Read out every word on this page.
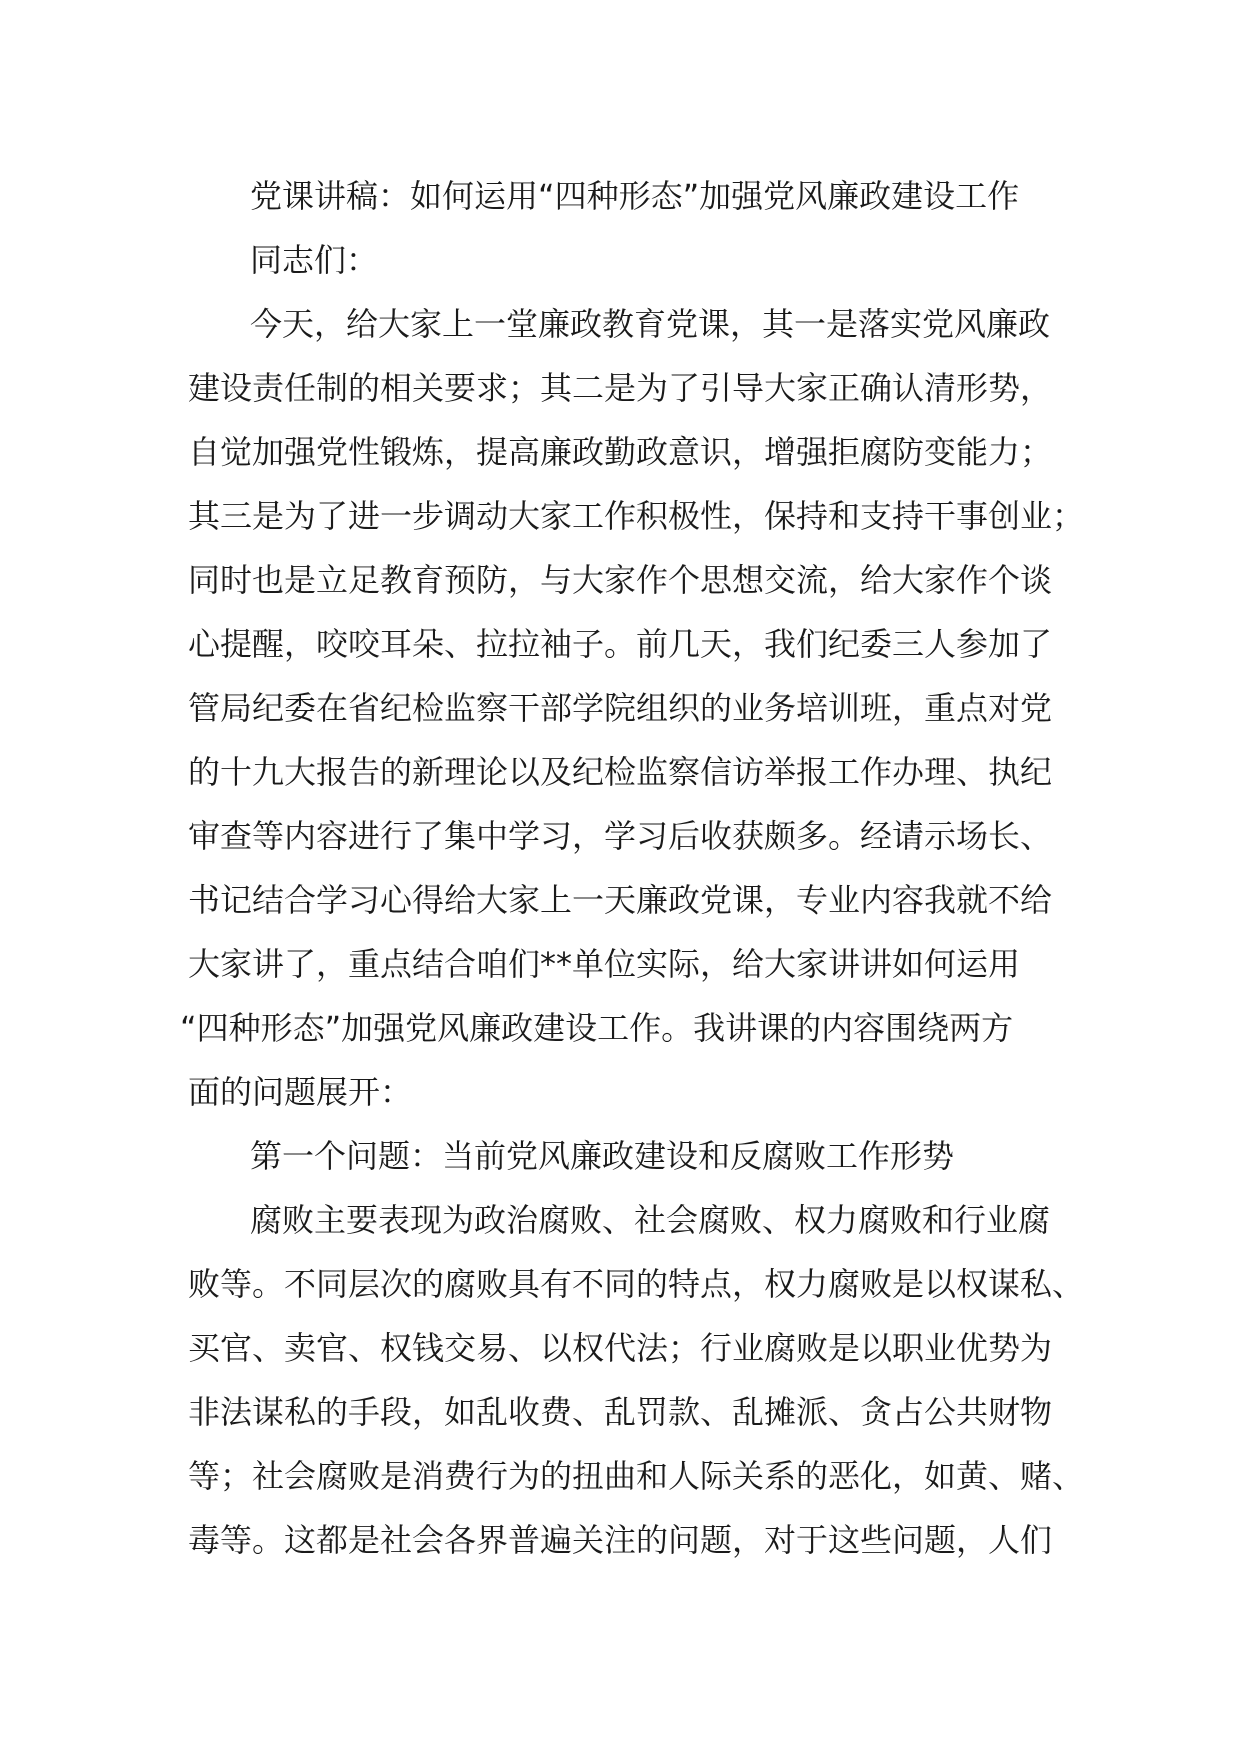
党课讲稿：如何运用“四种形态”加强党风廉政建设工作
同志们：
今天，给大家上一堂廉政教育党课，其一是落实党风廉政
建设责任制的相关要求；其二是为了引导大家正确认清形势，
自觉加强党性锻炼，提高廉政勤政意识，增强拒腐防变能力；
其三是为了进一步调动大家工作积极性，保持和支持干事创业；
同时也是立足教育预防，与大家作个思想交流，给大家作个谈
心提醒，咬咬耳朵、拉拉袖子。前几天，我们纪委三人参加了
管局纪委在省纪检监察干部学院组织的业务培训班，重点对党
的十九大报告的新理论以及纪检监察信访举报工作办理、执纪
审查等内容进行了集中学习，学习后收获颇多。经请示场长、
书记结合学习心得给大家上一天廉政党课，专业内容我就不给
大家讲了，重点结合咱们**单位实际，给大家讲讲如何运用
“四种形态”加强党风廉政建设工作。我讲课的内容围绕两方
面的问题展开：
第一个问题：当前党风廉政建设和反腐败工作形势
腐败主要表现为政治腐败、社会腐败、权力腐败和行业腐
败等。不同层次的腐败具有不同的特点，权力腐败是以权谋私、
买官、卖官、权钱交易、以权代法；行业腐败是以职业优势为
非法谋私的手段，如乱收费、乱罚款、乱摊派、贪占公共财物
等；社会腐败是消费行为的扭曲和人际关系的恶化，如黄、赌、
毒等。这都是社会各界普遍关注的问题，对于这些问题，人们
